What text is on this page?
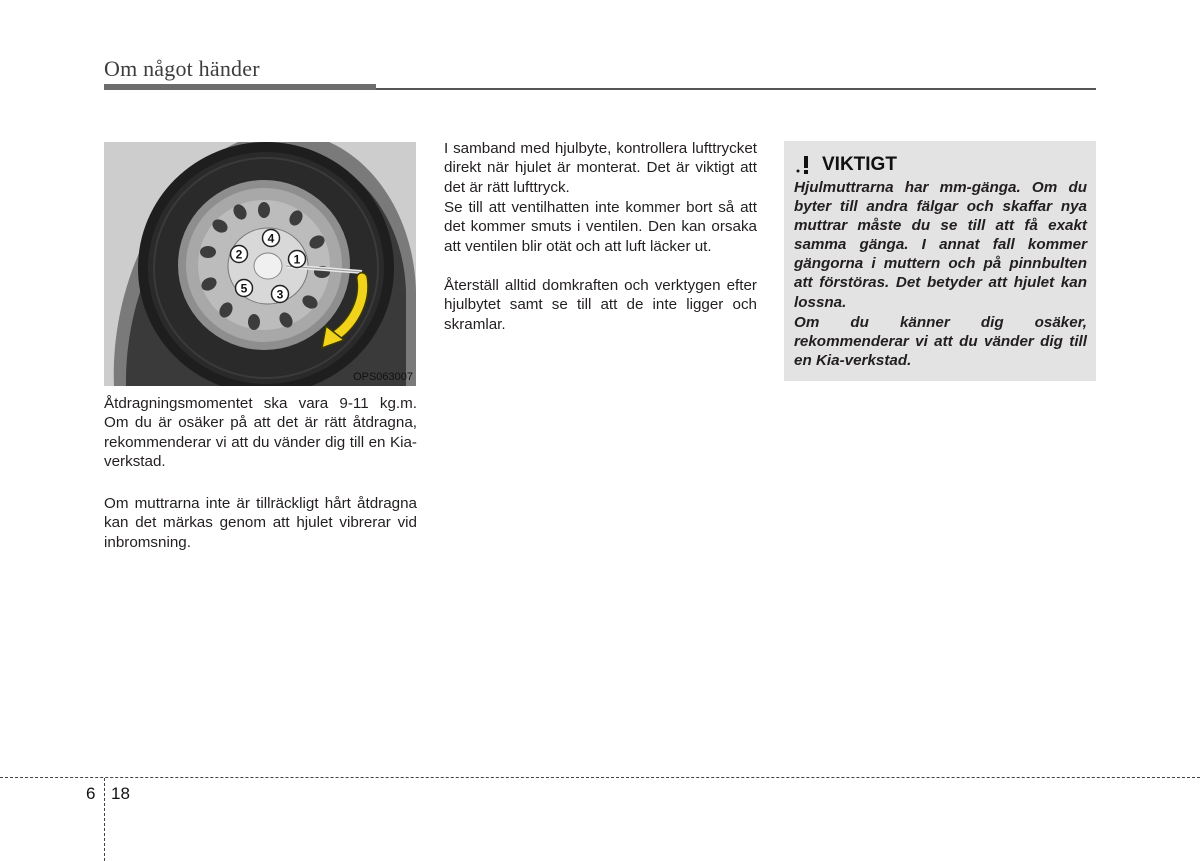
Om något händer
1
2
3
4
5
OPS063007

Åtdragningsmomentet ska vara 9-11 kg.m. Om du är osäker på att det är rätt åtdragna, rekommenderar vi att du vänder dig till en Kia-verkstad.

Om muttrarna inte är tillräckligt hårt åtdragna kan det märkas genom att hjulet vibrerar vid inbromsning.

I samband med hjulbyte, kontrollera lufttrycket direkt när hjulet är monterat. Det är viktigt att det är rätt lufttryck.

Se till att ventilhatten inte kommer bort så att det kommer smuts i ventilen. Den kan orsaka att ventilen blir otät och att luft läcker ut.

Återställ alltid domkraften och verktygen efter hjulbytet samt se till att de inte ligger och skramlar.

VIKTIGT

Hjulmuttrarna har mm-gänga. Om du byter till andra fälgar och skaffar nya muttrar måste du se till att få exakt samma gänga. I annat fall kommer gängorna i muttern och på pinnbulten att förstöras. Det betyder att hjulet kan lossna.

Om du känner dig osäker, rekommenderar vi att du vänder dig till en Kia-verkstad.

6 18
